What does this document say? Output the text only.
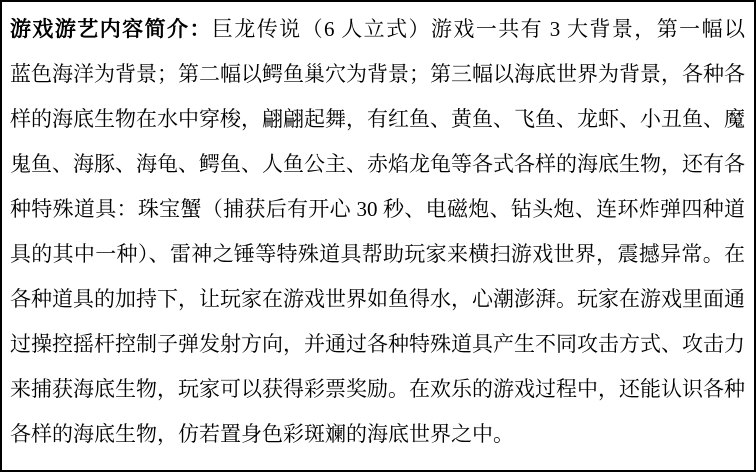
游戏游艺内容简介：巨龙传说（6 人立式）游戏一共有 3 大背景，第一幅以
蓝色海洋为背景；第二幅以鳄鱼巢穴为背景；第三幅以海底世界为背景，各种各
样的海底生物在水中穿梭，翩翩起舞，有红鱼、黄鱼、飞鱼、龙虾、小丑鱼、魔
鬼鱼、海豚、海龟、鳄鱼、人鱼公主、赤焰龙龟等各式各样的海底生物，还有各
种特殊道具：珠宝蟹（捕获后有开心 30 秒、电磁炮、钻头炮、连环炸弹四种道
具的其中一种）、雷神之锤等特殊道具帮助玩家来横扫游戏世界，震撼异常。在
各种道具的加持下，让玩家在游戏世界如鱼得水，心潮澎湃。玩家在游戏里面通
过操控摇杆控制子弹发射方向，并通过各种特殊道具产生不同攻击方式、攻击力
来捕获海底生物，玩家可以获得彩票奖励。在欢乐的游戏过程中，还能认识各种
各样的海底生物，仿若置身色彩斑斓的海底世界之中。
